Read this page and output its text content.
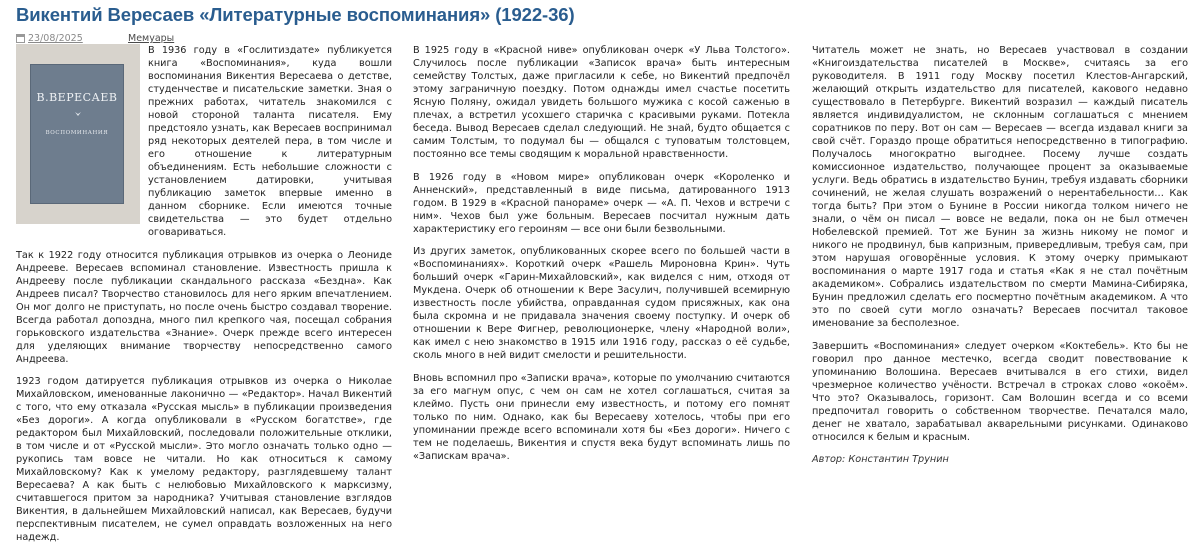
Викентий Вересаев «Литературные воспоминания» (1922-36)
23/08/2025	Мемуары
В.ВЕРЕСАЕВ
ВОСПОМИНАНИЯ

В 1936 году в «Гослитиздате» публикуется книга «Воспоминания», куда вошли воспоминания Викентия Вересаева о детстве, студенчестве и писательские заметки. Зная о прежних работах, читатель знакомился с новой стороной таланта писателя. Ему предстояло узнать, как Вересаев воспринимал ряд некоторых деятелей пера, в том числе и его отношение к литературным объединениям. Есть небольшие сложности с установлением датировки, учитывая публикацию заметок впервые именно в данном сборнике. Если имеются точные свидетельства — это будет отдельно оговариваться.

Так к 1922 году относится публикация отрывков из очерка о Леониде Андрееве. Вересаев вспоминал становление. Известность пришла к Андрееву после публикации скандального рассказа «Бездна». Как Андреев писал? Творчество становилось для него ярким впечатлением. Он мог долго не приступать, но после очень быстро создавал творение. Всегда работал допоздна, много пил крепкого чая, посещал собрания горьковского издательства «Знание». Очерк прежде всего интересен для уделяющих внимание творчеству непосредственно самого Андреева.

1923 годом датируется публикация отрывков из очерка о Николае Михайловском, именованные лаконично — «Редактор». Начал Викентий с того, что ему отказала «Русская мысль» в публикации произведения «Без дороги». А когда опубликовали в «Русском богатстве», где редактором был Михайловский, последовали положительные отклики, в том числе и от «Русской мысли». Это могло означать только одно — рукопись там вовсе не читали. Но как относиться к самому Михайловскому? Как к умелому редактору, разглядевшему талант Вересаева? А как быть с нелюбовью Михайловского к марксизму, считавшегося притом за народника? Учитывая становление взглядов Викентия, в дальнейшем Михайловский написал, как Вересаев, будучи перспективным писателем, не сумел оправдать возложенных на него надежд.

В 1925 году в «Красной ниве» опубликован очерк «У Льва Толстого». Случилось после публикации «Записок врача» быть интересным семейству Толстых, даже пригласили к себе, но Викентий предпочёл этому заграничную поездку. Потом однажды имел счастье посетить Ясную Поляну, ожидал увидеть большого мужика с косой саженью в плечах, а встретил усохшего старичка с красивыми руками. Потекла беседа. Вывод Вересаев сделал следующий. Не знай, будто общается с самим Толстым, то подумал бы — общался с туповатым толстовцем, постоянно все темы сводящим к моральной нравственности.

В 1926 году в «Новом мире» опубликован очерк «Короленко и Анненский», представленный в виде письма, датированного 1913 годом. В 1929 в «Красной панораме» очерк — «А. П. Чехов и встречи с ним». Чехов был уже больным. Вересаев посчитал нужным дать характеристику его героиням — все они были безвольными.

Из других заметок, опубликованных скорее всего по большей части в «Воспоминаниях». Короткий очерк «Рашель Мироновна Крин». Чуть больший очерк «Гарин-Михайловский», как виделся с ним, отходя от Мукдена. Очерк об отношении к Вере Засулич, получившей всемирную известность после убийства, оправданная судом присяжных, как она была скромна и не придавала значения своему поступку. И очерк об отношении к Вере Фигнер, революционерке, члену «Народной воли», как имел с нею знакомство в 1915 или 1916 году, рассказ о её судьбе, сколь много в ней видит смелости и решительности.

Вновь вспомнил про «Записки врача», которые по умолчанию считаются за его магнум опус, с чем он сам не хотел соглашаться, считая за клеймо. Пусть они принесли ему известность, и потому его помнят только по ним. Однако, как бы Вересаеву хотелось, чтобы при его упоминании прежде всего вспоминали хотя бы «Без дороги». Ничего с тем не поделаешь, Викентия и спустя века будут вспоминать лишь по «Запискам врача».

Читатель может не знать, но Вересаев участвовал в создании «Книгоиздательства писателей в Москве», считаясь за его руководителя. В 1911 году Москву посетил Клестов-Ангарский, желающий открыть издательство для писателей, какового недавно существовало в Петербурге. Викентий возразил — каждый писатель является индивидуалистом, не склонным соглашаться с мнением соратников по перу. Вот он сам — Вересаев — всегда издавал книги за свой счёт. Гораздо проще обратиться непосредственно в типографию. Получалось многократно выгоднее. Посему лучше создать комиссионное издательство, получающее процент за оказываемые услуги. Ведь обратись в издательство Бунин, требуя издавать сборники сочинений, не желая слушать возражений о нерентабельности… Как тогда быть? При этом о Бунине в России никогда толком ничего не знали, о чём он писал — вовсе не ведали, пока он не был отмечен Нобелевской премией. Тот же Бунин за жизнь никому не помог и никого не продвинул, быв капризным, привередливым, требуя сам, при этом нарушая оговорённые условия. К этому очерку примыкают воспоминания о марте 1917 года и статья «Как я не стал почётным академиком». Собрались издательством по смерти Мамина-Сибиряка, Бунин предложил сделать его посмертно почётным академиком. А что это по своей сути могло означать? Вересаев посчитал таковое именование за бесполезное.

Завершить «Воспоминания» следует очерком «Коктебель». Кто бы не говорил про данное местечко, всегда сводит повествование к упоминанию Волошина. Вересаев вчитывался в его стихи, видел чрезмерное количество учёности. Встречал в строках слово «окоём». Что это? Оказывалось, горизонт. Сам Волошин всегда и со всеми предпочитал говорить о собственном творчестве. Печатался мало, денег не хватало, зарабатывал акварельными рисунками. Одинаково относился к белым и красным.

Автор: Константин Трунин
